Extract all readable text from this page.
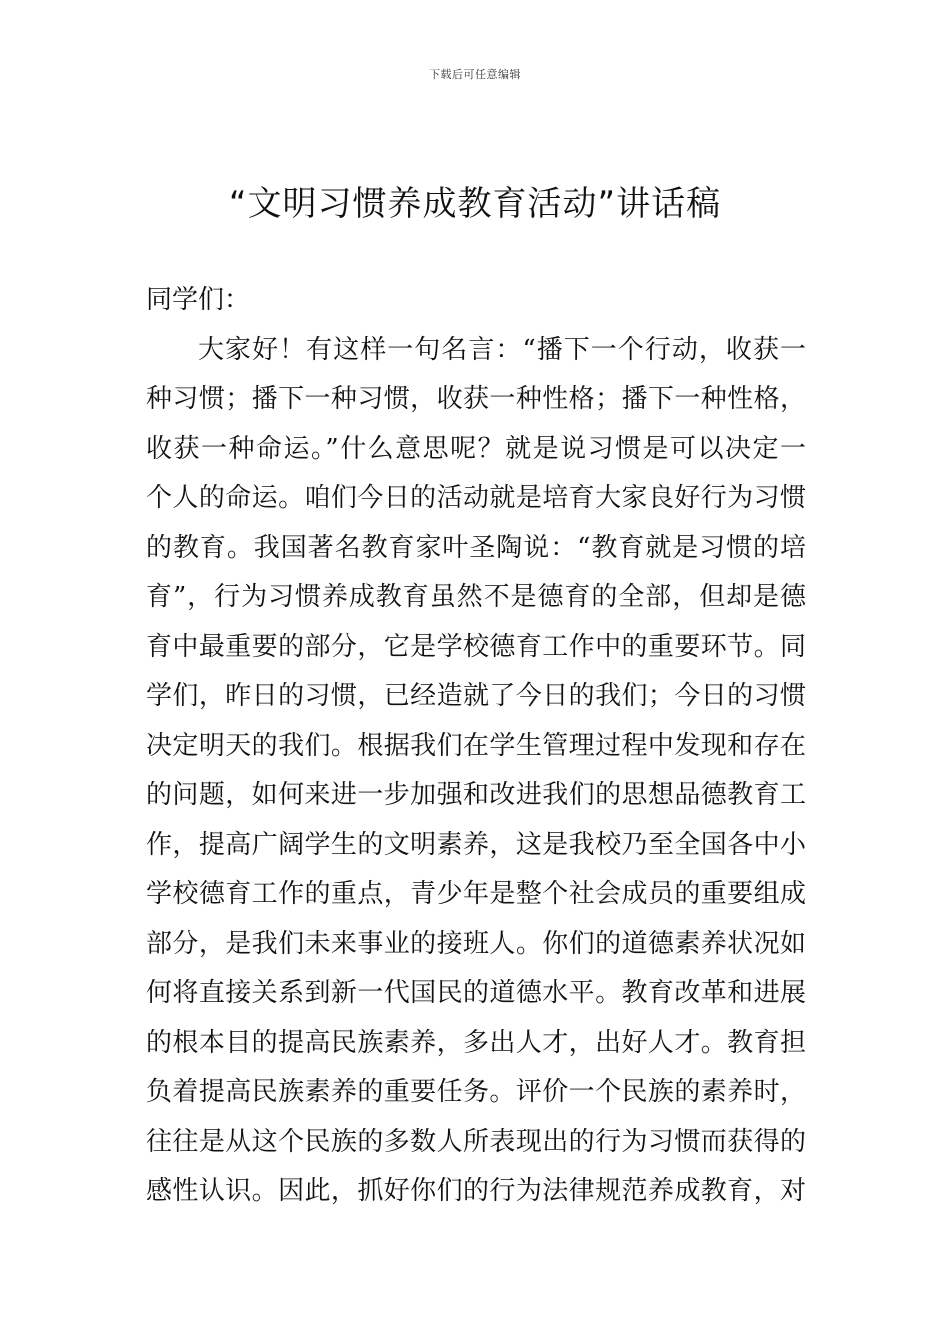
下载后可任意编辑
“文明习惯养成教育活动”讲话稿
同学们：
大家好！有这样一句名言：“播下一个行动，收获一
种习惯；播下一种习惯，收获一种性格；播下一种性格，
收获一种命运。”什么意思呢？就是说习惯是可以决定一
个人的命运。咱们今日的活动就是培育大家良好行为习惯
的教育。我国著名教育家叶圣陶说：“教育就是习惯的培
育”，行为习惯养成教育虽然不是德育的全部，但却是德
育中最重要的部分，它是学校德育工作中的重要环节。同
学们，昨日的习惯，已经造就了今日的我们；今日的习惯
决定明天的我们。根据我们在学生管理过程中发现和存在
的问题，如何来进一步加强和改进我们的思想品德教育工
作，提高广阔学生的文明素养，这是我校乃至全国各中小
学校德育工作的重点，青少年是整个社会成员的重要组成
部分，是我们未来事业的接班人。你们的道德素养状况如
何将直接关系到新一代国民的道德水平。教育改革和进展
的根本目的提高民族素养，多出人才，出好人才。教育担
负着提高民族素养的重要任务。评价一个民族的素养时，
往往是从这个民族的多数人所表现出的行为习惯而获得的
感性认识。因此，抓好你们的行为法律规范养成教育，对
